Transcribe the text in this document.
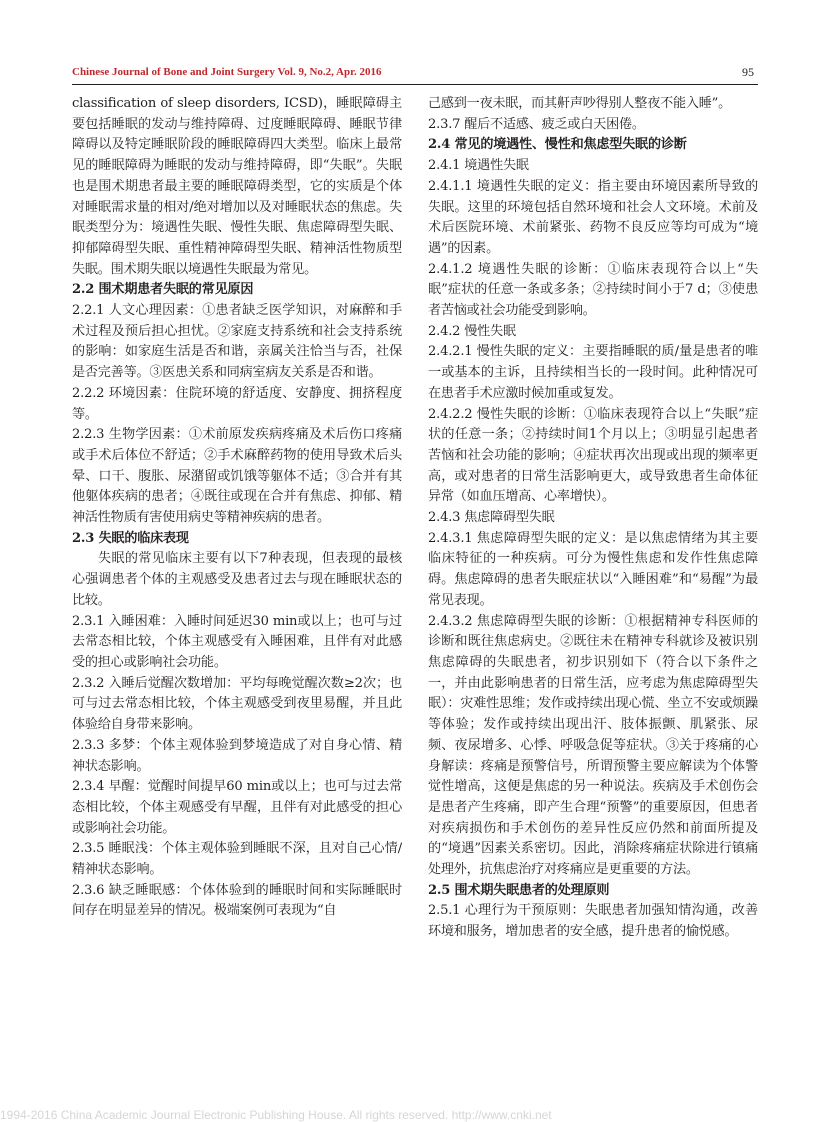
Chinese Journal of Bone and Joint Surgery Vol. 9, No.2, Apr. 2016	95

classification of sleep disorders, ICSD)，睡眠障碍主要包括睡眠的发动与维持障碍、过度睡眠障碍、睡眠节律障碍以及特定睡眠阶段的睡眠障碍四大类型。临床上最常见的睡眠障碍为睡眠的发动与维持障碍，即“失眠”。失眠也是围术期患者最主要的睡眠障碍类型，它的实质是个体对睡眠需求量的相对/绝对增加以及对睡眠状态的焦虑。失眠类型分为：境遇性失眠、慢性失眠、焦虑障碍型失眠、抑郁障碍型失眠、重性精神障碍型失眠、精神活性物质型失眠。围术期失眠以境遇性失眠最为常见。

2.2 围术期患者失眠的常见原因

2.2.1 人文心理因素：①患者缺乏医学知识，对麻醉和手术过程及预后担心担忧。②家庭支持系统和社会支持系统的影响：如家庭生活是否和谐，亲属关注恰当与否，社保是否完善等。③医患关系和同病室病友关系是否和谐。

2.2.2 环境因素：住院环境的舒适度、安静度、拥挤程度等。

2.2.3 生物学因素：①术前原发疾病疼痛及术后伤口疼痛或手术后体位不舒适；②手术麻醉药物的使用导致术后头晕、口干、腹胀、尿潴留或饥饿等躯体不适；③合并有其他躯体疾病的患者；④既往或现在合并有焦虑、抑郁、精神活性物质有害使用病史等精神疾病的患者。

2.3 失眠的临床表现

失眠的常见临床主要有以下7种表现，但表现的最核心强调患者个体的主观感受及患者过去与现在睡眠状态的比较。

2.3.1 入睡困难：入睡时间延迟30 min或以上；也可与过去常态相比较，个体主观感受有入睡困难，且伴有对此感受的担心或影响社会功能。

2.3.2 入睡后觉醒次数增加：平均每晚觉醒次数≥2次；也可与过去常态相比较，个体主观感受到夜里易醒，并且此体验给自身带来影响。

2.3.3 多梦：个体主观体验到梦境造成了对自身心情、精神状态影响。

2.3.4 早醒：觉醒时间提早60 min或以上；也可与过去常态相比较，个体主观感受有早醒，且伴有对此感受的担心或影响社会功能。

2.3.5 睡眠浅：个体主观体验到睡眠不深，且对自己心情/精神状态影响。

2.3.6 缺乏睡眠感：个体体验到的睡眠时间和实际睡眠时间存在明显差异的情况。极端案例可表现为“自

己感到一夜未眠，而其鼾声吵得别人整夜不能入睡”。

2.3.7 醒后不适感、疲乏或白天困倦。

2.4 常见的境遇性、慢性和焦虑型失眠的诊断

2.4.1 境遇性失眠

2.4.1.1 境遇性失眠的定义：指主要由环境因素所导致的失眠。这里的环境包括自然环境和社会人文环境。术前及术后医院环境、术前紧张、药物不良反应等均可成为“境遇”的因素。

2.4.1.2 境遇性失眠的诊断：①临床表现符合以上“失眠”症状的任意一条或多条；②持续时间小于7 d；③使患者苦恼或社会功能受到影响。

2.4.2 慢性失眠

2.4.2.1 慢性失眠的定义：主要指睡眠的质/量是患者的唯一或基本的主诉，且持续相当长的一段时间。此种情况可在患者手术应激时候加重或复发。

2.4.2.2 慢性失眠的诊断：①临床表现符合以上“失眠”症状的任意一条；②持续时间1个月以上；③明显引起患者苦恼和社会功能的影响；④症状再次出现或出现的频率更高，或对患者的日常生活影响更大，或导致患者生命体征异常（如血压增高、心率增快）。

2.4.3 焦虑障碍型失眠

2.4.3.1 焦虑障碍型失眠的定义：是以焦虑情绪为其主要临床特征的一种疾病。可分为慢性焦虑和发作性焦虑障碍。焦虑障碍的患者失眠症状以“入睡困难”和“易醒”为最常见表现。

2.4.3.2 焦虑障碍型失眠的诊断：①根据精神专科医师的诊断和既往焦虑病史。②既往未在精神专科就诊及被识别焦虑障碍的失眠患者，初步识别如下（符合以下条件之一，并由此影响患者的日常生活，应考虑为焦虑障碍型失眠）：灾难性思维；发作或持续出现心慌、坐立不安或烦躁等体验；发作或持续出现出汗、肢体振颤、肌紧张、尿频、夜尿增多、心悸、呼吸急促等症状。③关于疼痛的心身解读：疼痛是预警信号，所谓预警主要应解读为个体警觉性增高，这便是焦虑的另一种说法。疾病及手术创伤会是患者产生疼痛，即产生合理“预警”的重要原因，但患者对疾病损伤和手术创伤的差异性反应仍然和前面所提及的“境遇”因素关系密切。因此，消除疼痛症状除进行镇痛处理外，抗焦虑治疗对疼痛应是更重要的方法。

2.5 围术期失眠患者的处理原则

2.5.1 心理行为干预原则：失眠患者加强知情沟通，改善环境和服务，增加患者的安全感，提升患者的愉悦感。

1994-2016 China Academic Journal Electronic Publishing House. All rights reserved. http://www.cnki.net
